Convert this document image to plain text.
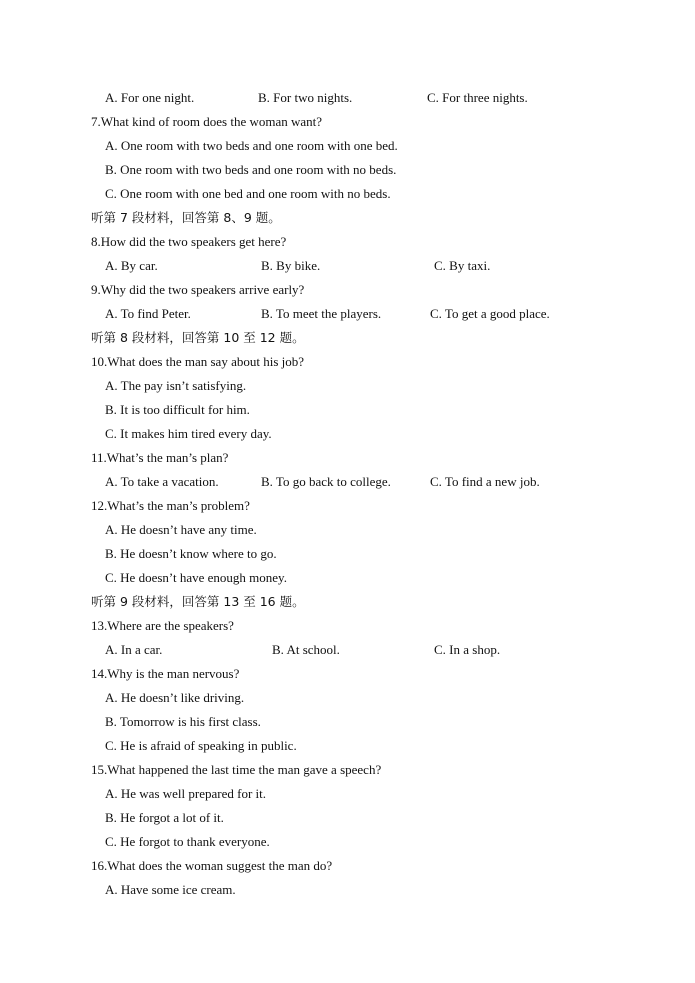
A. For one night.	B. For two nights.	C. For three nights.
7.What kind of room does the woman want?
A. One room with two beds and one room with one bed.
B. One room with two beds and one room with no beds.
C. One room with one bed and one room with no beds.
听第 7 段材料，回答第 8、9 题。
8.How did the two speakers get here?
A. By car.	B. By bike.	C. By taxi.
9.Why did the two speakers arrive early?
A. To find Peter.	B. To meet the players.	C. To get a good place.
听第 8 段材料，回答第 10 至 12 题。
10.What does the man say about his job?
A. The pay isn’t satisfying.
B. It is too difficult for him.
C. It makes him tired every day.
11.What’s the man’s plan?
A. To take a vacation.	B. To go back to college.	C. To find a new job.
12.What’s the man’s problem?
A. He doesn’t have any time.
B. He doesn’t know where to go.
C. He doesn’t have enough money.
听第 9 段材料，回答第 13 至 16 题。
13.Where are the speakers?
A. In a car.	B. At school.	C. In a shop.
14.Why is the man nervous?
A. He doesn’t like driving.
B. Tomorrow is his first class.
C. He is afraid of speaking in public.
15.What happened the last time the man gave a speech?
A. He was well prepared for it.
B. He forgot a lot of it.
C. He forgot to thank everyone.
16.What does the woman suggest the man do?
A. Have some ice cream.
